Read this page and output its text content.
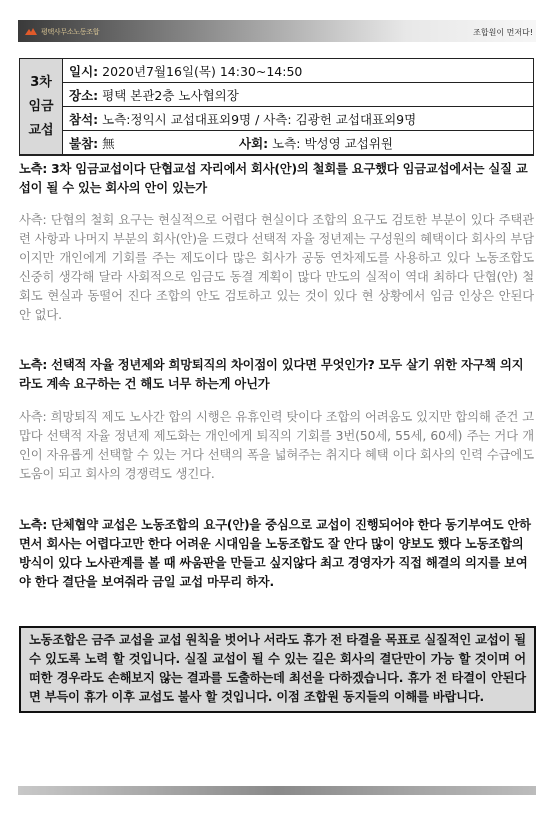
평택사무소노동조합	조합원이 먼저다!
3차
임금
교섭
	일시: 2020년7월16일(목) 14:30~14:50
장소: 평택 본관2층 노사협의장
참석: 노측:정익시 교섭대표외9명 / 사측: 김광헌 교섭대표외9명

불참: 無	사회: 노측: 박성영 교섭위원

노측: 3차 임금교섭이다 단협교섭 자리에서 회사(안)의 철회를 요구했다 임금교섭에서는 실질 교섭이 될 수 있는 회사의 안이 있는가

사측: 단협의 철회 요구는 현실적으로 어렵다 현실이다 조합의 요구도 검토한 부분이 있다 주택관련 사항과 나머지 부분의 회사(안)을 드렸다 선택적 자율 정년제는 구성원의 혜택이다 회사의 부담이지만 개인에게 기회를 주는 제도이다 많은 회사가 공동 연차제도를 사용하고 있다 노동조합도 신중히 생각해 달라 사회적으로 임금도 동결 계획이 많다 만도의 실적이 역대 최하다 단협(안) 철회도 현실과 동떨어 진다 조합의 안도 검토하고 있는 것이 있다 현 상황에서 임금 인상은 안된다 안 없다.

노측: 선택적 자율 정년제와 희망퇴직의 차이점이 있다면 무엇인가? 모두 살기 위한 자구책 의지라도 계속 요구하는 건 해도 너무 하는게 아닌가

사측: 희망퇴직 제도 노사간 합의 시행은 유휴인력 탓이다 조합의 어려움도 있지만 합의해 준건 고맙다 선택적 자율 정년제 제도화는 개인에게 퇴직의 기회를 3번(50세, 55세, 60세) 주는 거다 개인이 자유롭게 선택할 수 있는 거다 선택의 폭을 넓혀주는 취지다 혜택 이다 회사의 인력 수급에도 도움이 되고 회사의 경쟁력도 생긴다.

노측: 단체협약 교섭은 노동조합의 요구(안)을 중심으로 교섭이 진행되어야 한다 동기부여도 안하면서 회사는 어렵다고만 한다 어려운 시대임을 노동조합도 잘 안다 많이 양보도 했다 노동조합의 방식이 있다 노사관계를 볼 때 싸움판을 만들고 싶지않다 최고 경영자가 직접 해결의 의지를 보여야 한다 결단을 보여줘라 금일 교섭 마무리 하자.

노동조합은 금주 교섭을 교섭 원칙을 벗어나 서라도 휴가 전 타결을 목표로 실질적인 교섭이 될 수 있도록 노력 할 것입니다. 실질 교섭이 될 수 있는 길은 회사의 결단만이 가능 할 것이며 어떠한 경우라도 손해보지 않는 결과를 도출하는데 최선을 다하겠습니다. 휴가 전 타결이 안된다면 부득이 휴가 이후 교섭도 불사 할 것입니다. 이점 조합원 동지들의 이해를 바랍니다.
